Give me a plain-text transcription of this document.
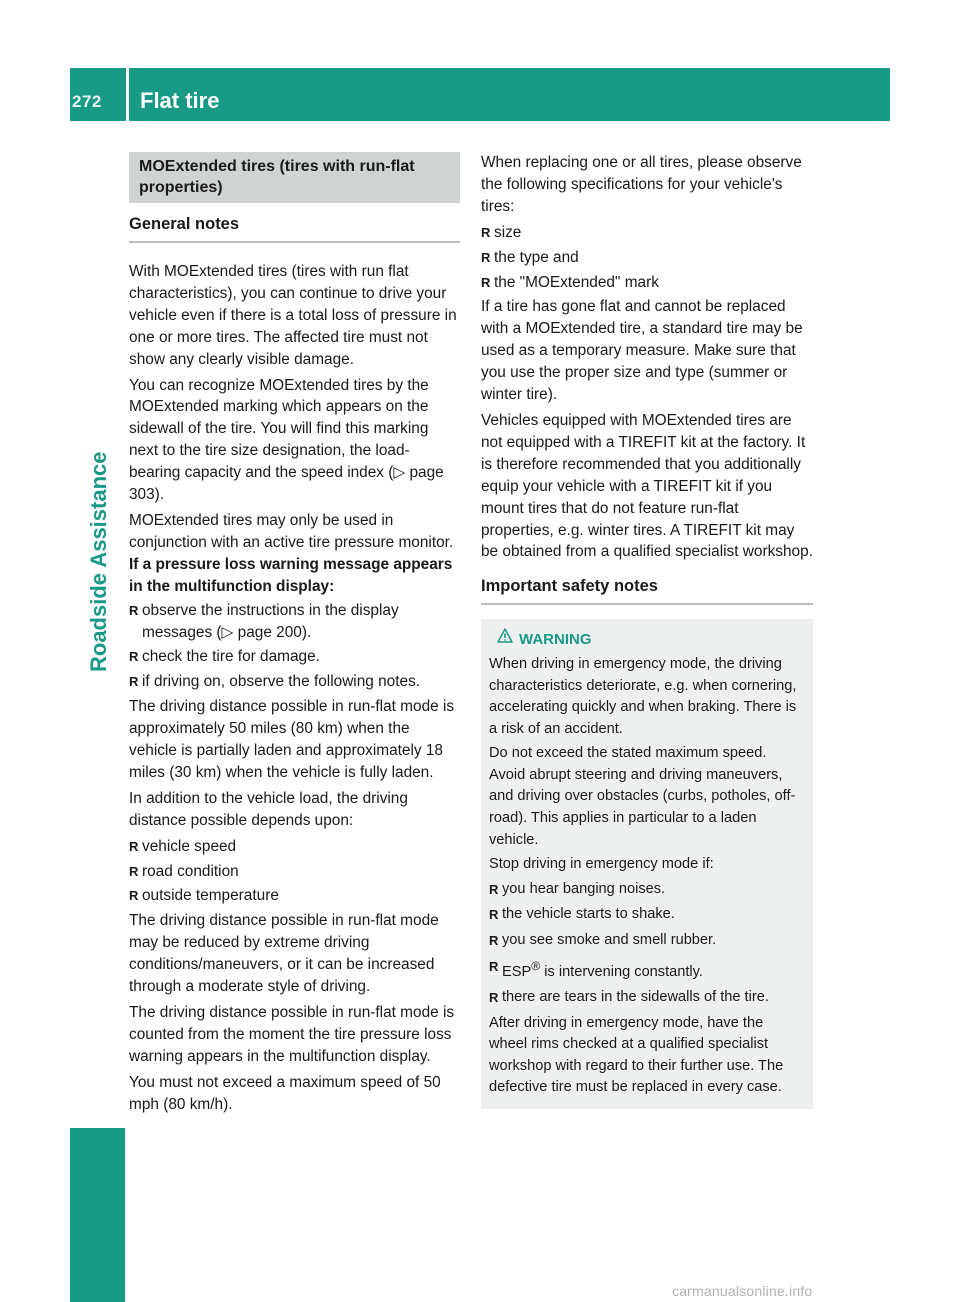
272	Flat tire
Roadside Assistance
MOExtended tires (tires with run-flat properties)
General notes

With MOExtended tires (tires with run flat characteristics), you can continue to drive your vehicle even if there is a total loss of pressure in one or more tires. The affected tire must not show any clearly visible damage.

You can recognize MOExtended tires by the MOExtended marking which appears on the sidewall of the tire. You will find this marking next to the tire size designation, the load-bearing capacity and the speed index (▷ page 303).

MOExtended tires may only be used in conjunction with an active tire pressure monitor.

If a pressure loss warning message appears in the multifunction display:

R observe the instructions in the display messages (▷ page 200).
R check the tire for damage.
R if driving on, observe the following notes.

The driving distance possible in run-flat mode is approximately 50 miles (80 km) when the vehicle is partially laden and approximately 18 miles (30 km) when the vehicle is fully laden.

In addition to the vehicle load, the driving distance possible depends upon:

R vehicle speed
R road condition
R outside temperature

The driving distance possible in run-flat mode may be reduced by extreme driving conditions/maneuvers, or it can be increased through a moderate style of driving.

The driving distance possible in run-flat mode is counted from the moment the tire pressure loss warning appears in the multifunction display.

You must not exceed a maximum speed of 50 mph (80 km/h).

When replacing one or all tires, please observe the following specifications for your vehicle's tires:

R size
R the type and
R the "MOExtended" mark

If a tire has gone flat and cannot be replaced with a MOExtended tire, a standard tire may be used as a temporary measure. Make sure that you use the proper size and type (summer or winter tire).

Vehicles equipped with MOExtended tires are not equipped with a TIREFIT kit at the factory. It is therefore recommended that you additionally equip your vehicle with a TIREFIT kit if you mount tires that do not feature run-flat properties, e.g. winter tires. A TIREFIT kit may be obtained from a qualified specialist workshop.

Important safety notes
WARNING

When driving in emergency mode, the driving characteristics deteriorate, e.g. when cornering, accelerating quickly and when braking. There is a risk of an accident.

Do not exceed the stated maximum speed. Avoid abrupt steering and driving maneuvers, and driving over obstacles (curbs, potholes, off-road). This applies in particular to a laden vehicle.

Stop driving in emergency mode if:

R you hear banging noises.
R the vehicle starts to shake.
R you see smoke and smell rubber.
R ESP® is intervening constantly.
R there are tears in the sidewalls of the tire.

After driving in emergency mode, have the wheel rims checked at a qualified specialist workshop with regard to their further use. The defective tire must be replaced in every case.

carmanualsonline.info
